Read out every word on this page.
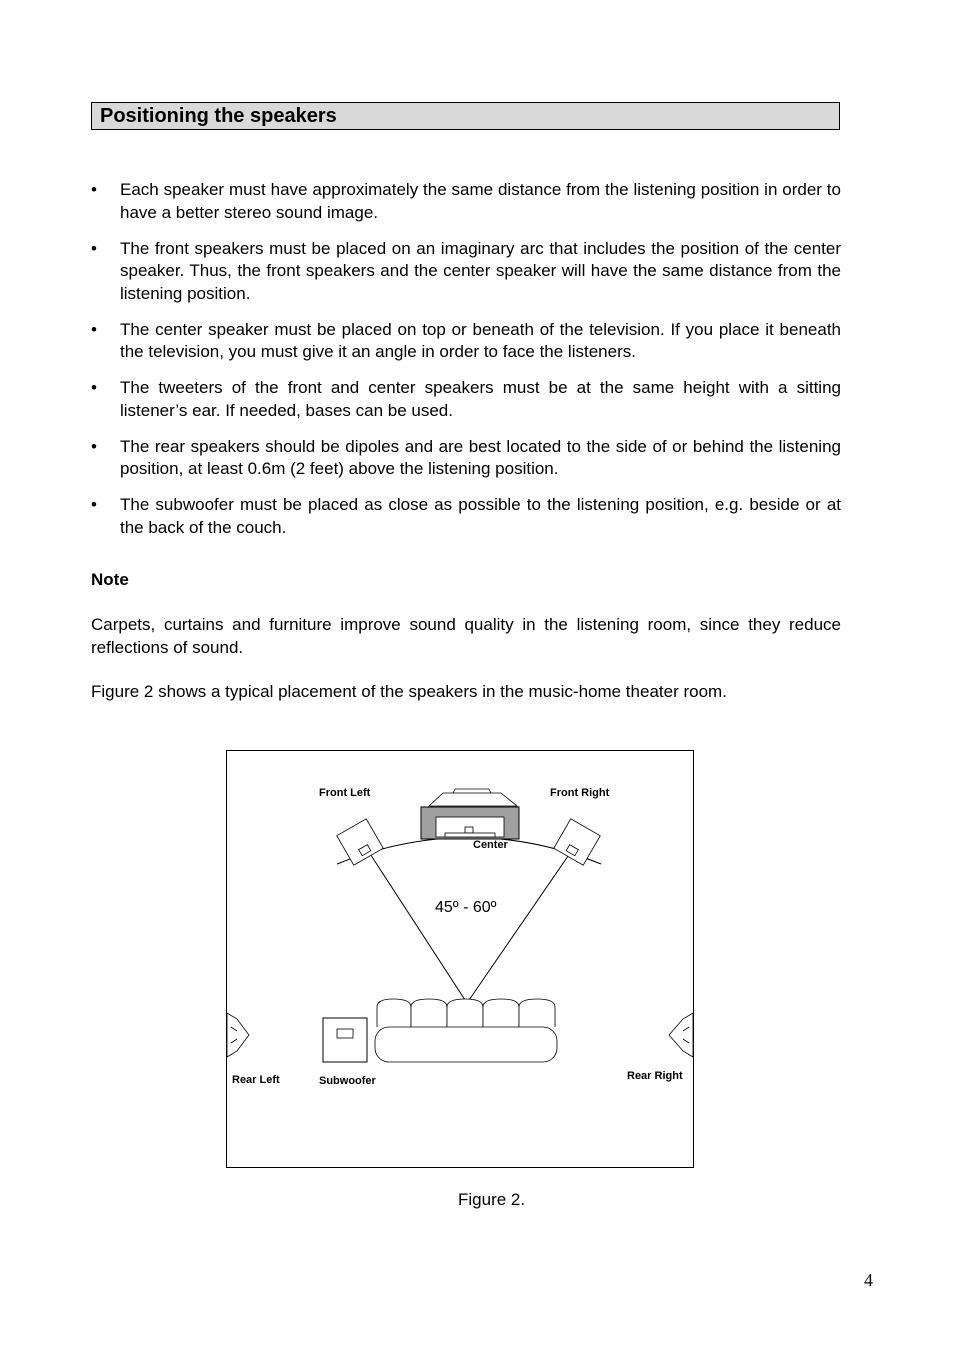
Positioning the speakers
• Each speaker must have approximately the same distance from the listening position in order to have a better stereo sound image.
• The front speakers must be placed on an imaginary arc that includes the position of the center speaker. Thus, the front speakers and the center speaker will have the same distance from the listening position.
• The center speaker must be placed on top or beneath of the television. If you place it beneath the television, you must give it an angle in order to face the listeners.
• The tweeters of the front and center speakers must be at the same height with a sitting listener’s ear. If needed, bases can be used.
• The rear speakers should be dipoles and are best located to the side of or behind the listening position, at least 0.6m (2 feet) above the listening position.
• The subwoofer must be placed as close as possible to the listening position, e.g. beside or at the back of the couch.
Note
Carpets, curtains and furniture improve sound quality in the listening room, since they reduce reflections of sound.
Figure 2 shows a typical placement of the speakers in the music-home theater room.
Front Left	Front Right
Center
45º - 60º
Rear Left	Rear Right
Subwoofer
Figure 2.
4
